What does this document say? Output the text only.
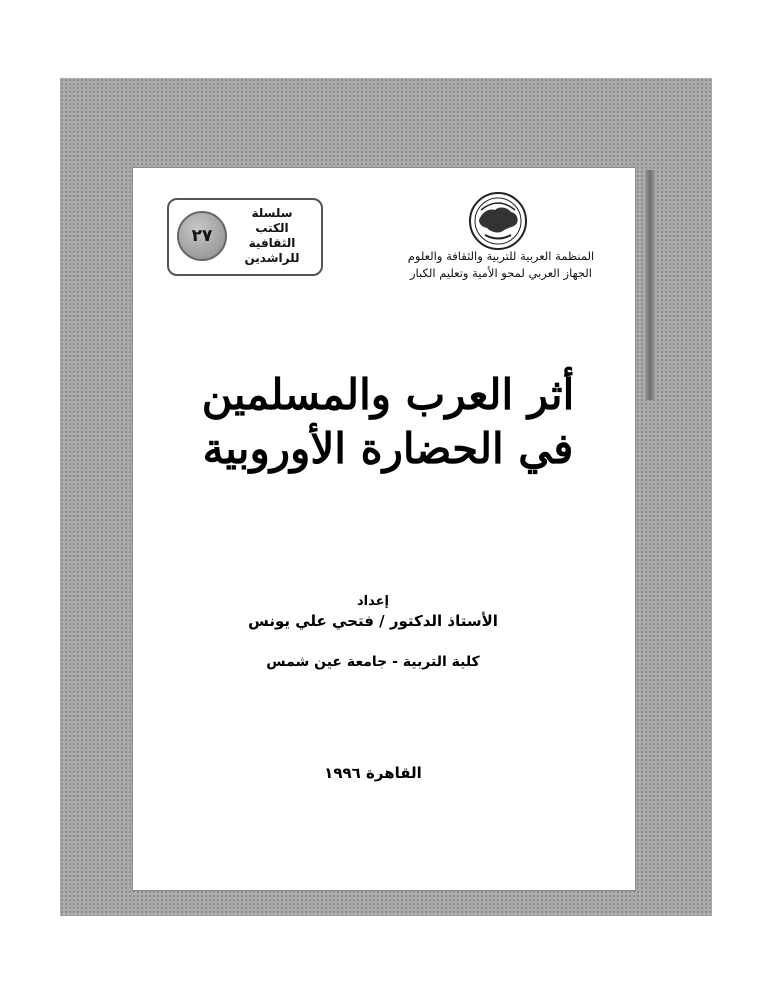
٢٧
سلسلة
الكتب
الثقافية
للراشدين	المنظمة العربية للتربية والثقافة والعلوم
الجهاز العربي لمحو الأمية وتعليم الكبار
أثر العرب والمسلمين
في الحضارة الأوروبية
إعداد
الأستاذ الدكتور / فتحي علي يونس
كلية التربية - جامعة عين شمس
القاهرة ١٩٩٦
